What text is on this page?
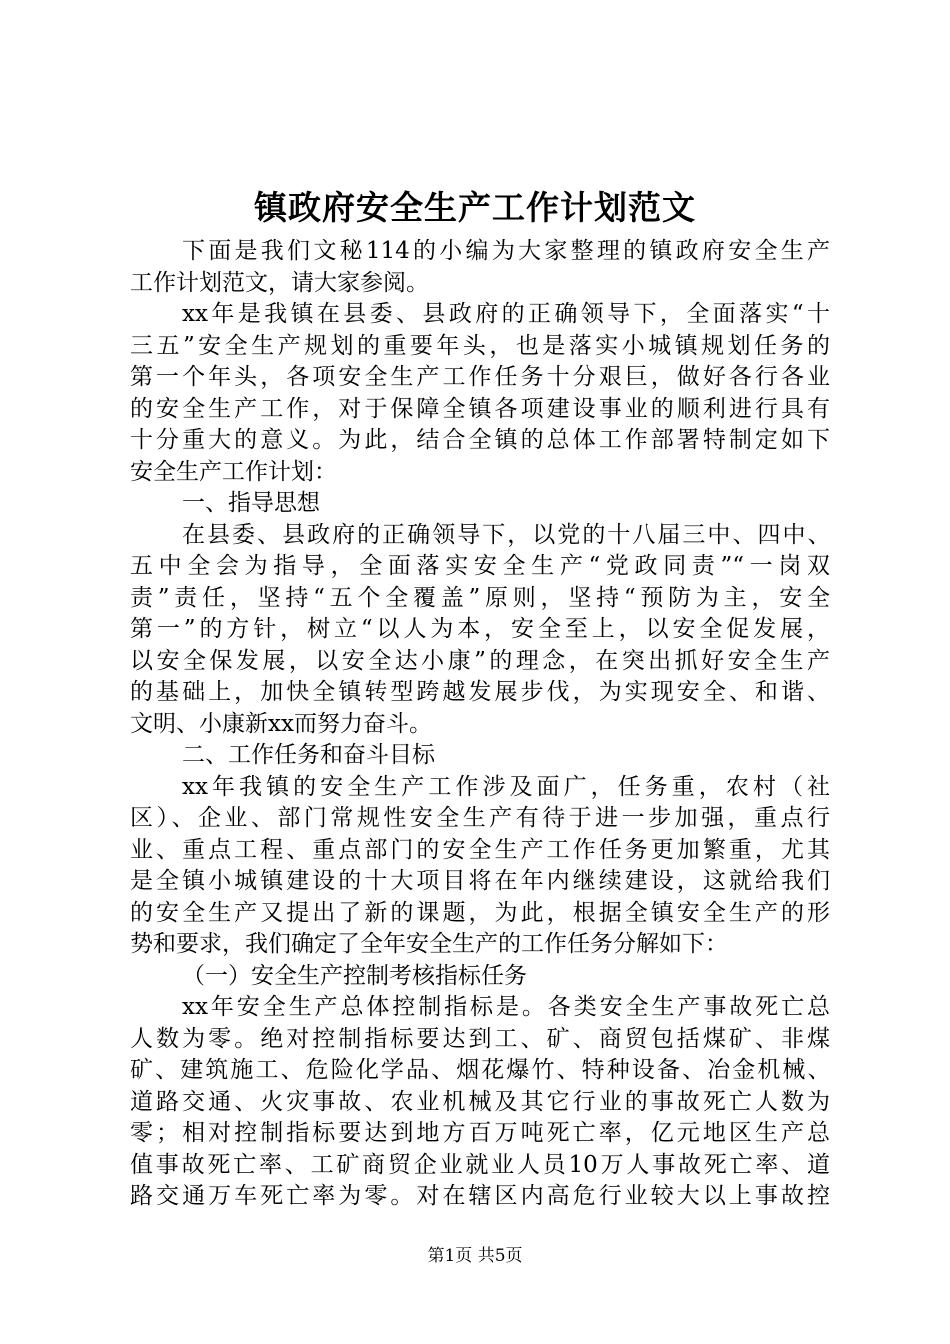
镇政府安全生产工作计划范文
下面是我们文秘114的小编为大家整理的镇政府安全生产
工作计划范文，请大家参阅。
xx年是我镇在县委、县政府的正确领导下，全面落实“十
三五”安全生产规划的重要年头，也是落实小城镇规划任务的
第一个年头，各项安全生产工作任务十分艰巨，做好各行各业
的安全生产工作，对于保障全镇各项建设事业的顺利进行具有
十分重大的意义。为此，结合全镇的总体工作部署特制定如下
安全生产工作计划：
一、指导思想
在县委、县政府的正确领导下，以党的十八届三中、四中、
五中全会为指导，全面落实安全生产“党政同责”“一岗双
责”责任，坚持“五个全覆盖”原则，坚持“预防为主，安全
第一”的方针，树立“以人为本，安全至上，以安全促发展，
以安全保发展，以安全达小康”的理念，在突出抓好安全生产
的基础上，加快全镇转型跨越发展步伐，为实现安全、和谐、
文明、小康新xx而努力奋斗。
二、工作任务和奋斗目标
xx年我镇的安全生产工作涉及面广，任务重，农村（社
区）、企业、部门常规性安全生产有待于进一步加强，重点行
业、重点工程、重点部门的安全生产工作任务更加繁重，尤其
是全镇小城镇建设的十大项目将在年内继续建设，这就给我们
的安全生产又提出了新的课题，为此，根据全镇安全生产的形
势和要求，我们确定了全年安全生产的工作任务分解如下：
（一）安全生产控制考核指标任务
xx年安全生产总体控制指标是。各类安全生产事故死亡总
人数为零。绝对控制指标要达到工、矿、商贸包括煤矿、非煤
矿、建筑施工、危险化学品、烟花爆竹、特种设备、冶金机械、
道路交通、火灾事故、农业机械及其它行业的事故死亡人数为
零；相对控制指标要达到地方百万吨死亡率，亿元地区生产总
值事故死亡率、工矿商贸企业就业人员10万人事故死亡率、道
路交通万车死亡率为零。对在辖区内高危行业较大以上事故控
第1页 共5页
